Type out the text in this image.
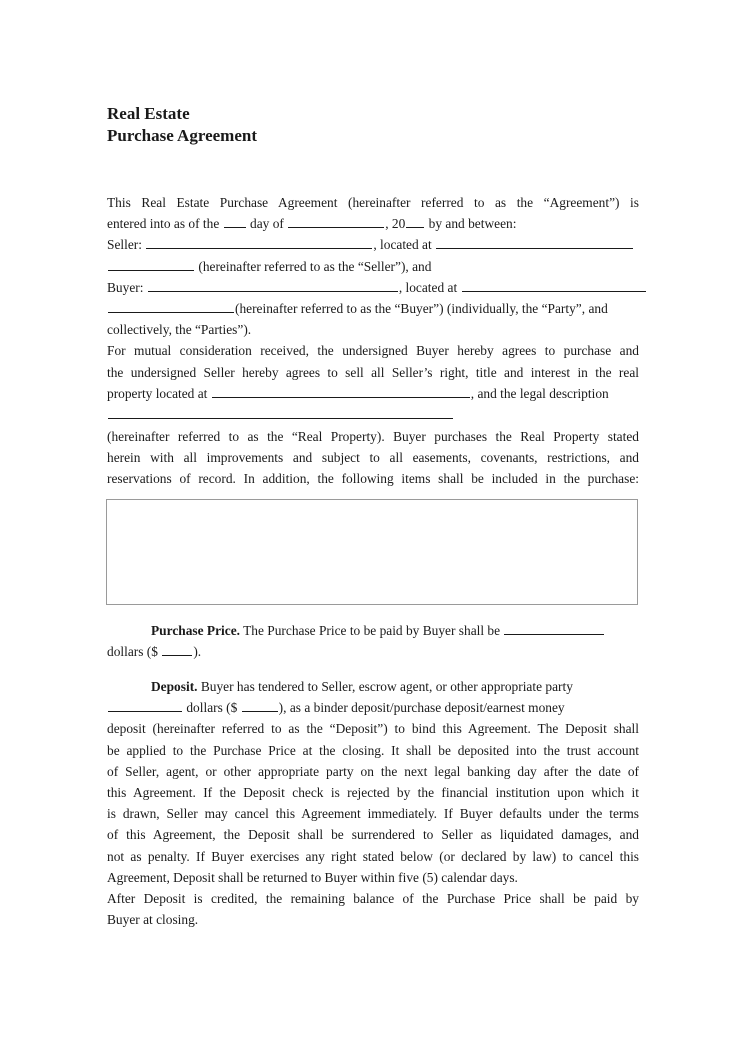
Real Estate
Purchase Agreement
This Real Estate Purchase Agreement (hereinafter referred to as the “Agreement”) is
entered into as of the day of	, 20 by and between:
Seller:	, located at
(hereinafter referred to as the “Seller”), and
Buyer:	, located at
(hereinafter referred to as the “Buyer”) (individually, the “Party”, and
collectively, the “Parties”).
For mutual consideration received, the undersigned Buyer hereby agrees to purchase and
the undersigned Seller hereby agrees to sell all Seller’s right, title and interest in the real
property located at	, and the legal description
(hereinafter referred to as the “Real Property). Buyer purchases the Real Property stated
herein with all improvements and subject to all easements, covenants, restrictions, and
reservations of record. In addition, the following items shall be included in the purchase:
Purchase Price. The Purchase Price to be paid by Buyer shall be
dollars ($	).
Deposit. Buyer has tendered to Seller, escrow agent, or other appropriate party
dollars ($	), as a binder deposit/purchase deposit/earnest money
deposit (hereinafter referred to as the “Deposit”) to bind this Agreement. The Deposit shall
be applied to the Purchase Price at the closing. It shall be deposited into the trust account
of Seller, agent, or other appropriate party on the next legal banking day after the date of
this Agreement. If the Deposit check is rejected by the financial institution upon which it
is drawn, Seller may cancel this Agreement immediately. If Buyer defaults under the terms
of this Agreement, the Deposit shall be surrendered to Seller as liquidated damages, and
not as penalty. If Buyer exercises any right stated below (or declared by law) to cancel this
Agreement, Deposit shall be returned to Buyer within five (5) calendar days.
After Deposit is credited, the remaining balance of the Purchase Price shall be paid by
Buyer at closing.
